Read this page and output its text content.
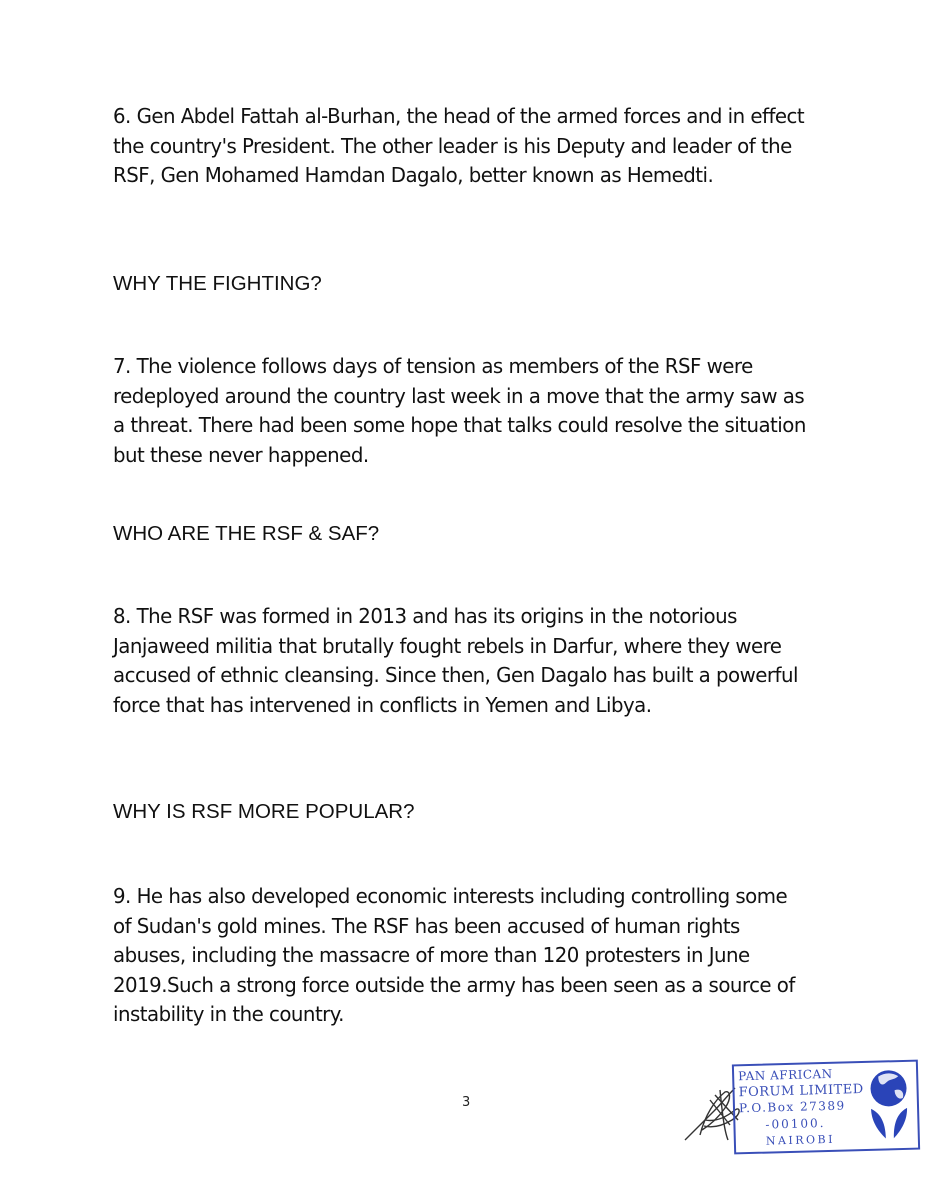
6. Gen Abdel Fattah al-Burhan, the head of the armed forces and in effect the country's President. The other leader is his Deputy and leader of the RSF, Gen Mohamed Hamdan Dagalo, better known as Hemedti.

WHY THE FIGHTING?

7. The violence follows days of tension as members of the RSF were redeployed around the country last week in a move that the army saw as a threat. There had been some hope that talks could resolve the situation but these never happened.

WHO ARE THE RSF & SAF?

8. The RSF was formed in 2013 and has its origins in the notorious Janjaweed militia that brutally fought rebels in Darfur, where they were accused of ethnic cleansing. Since then, Gen Dagalo has built a powerful force that has intervened in conflicts in Yemen and Libya.

WHY IS RSF MORE POPULAR?

9. He has also developed economic interests including controlling some of Sudan's gold mines. The RSF has been accused of human rights abuses, including the massacre of more than 120 protesters in June 2019.Such a strong force outside the army has been seen as a source of instability in the country.

3
PAN AFRICAN
FORUM LIMITED
P.O.Box 27389
-00100.
NAIROBI
